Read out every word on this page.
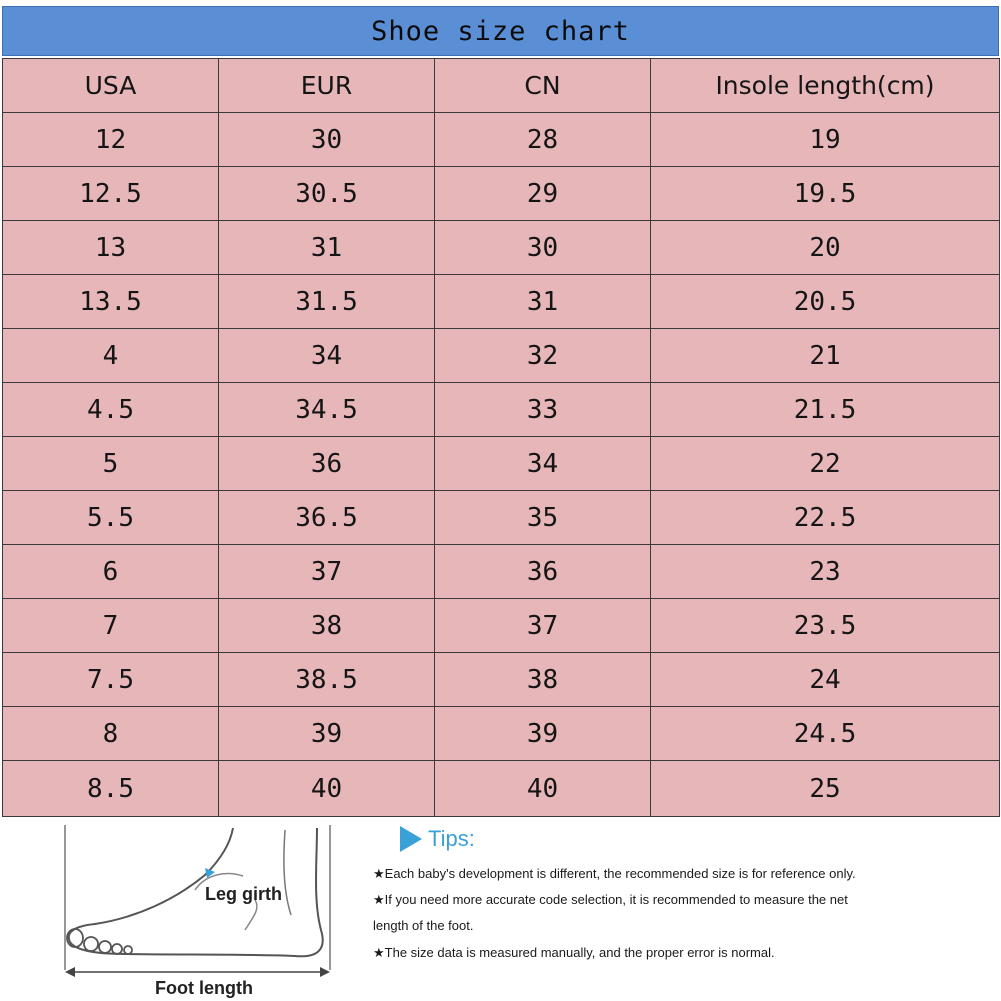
Shoe size chart
USA	EUR	CN	Insole length(cm)
12	30	28	19
12.5	30.5	29	19.5
13	31	30	20
13.5	31.5	31	20.5
4	34	32	21
4.5	34.5	33	21.5
5	36	34	22
5.5	36.5	35	22.5
6	37	36	23
7	38	37	23.5
7.5	38.5	38	24
8	39	39	24.5
8.5	40	40	25
Leg girth
Foot length
Tips:
★Each baby's development is different, the recommended size is for reference only.
★If you need more accurate code selection, it is recommended to measure the net
length of the foot.
★The size data is measured manually, and the proper error is normal.
